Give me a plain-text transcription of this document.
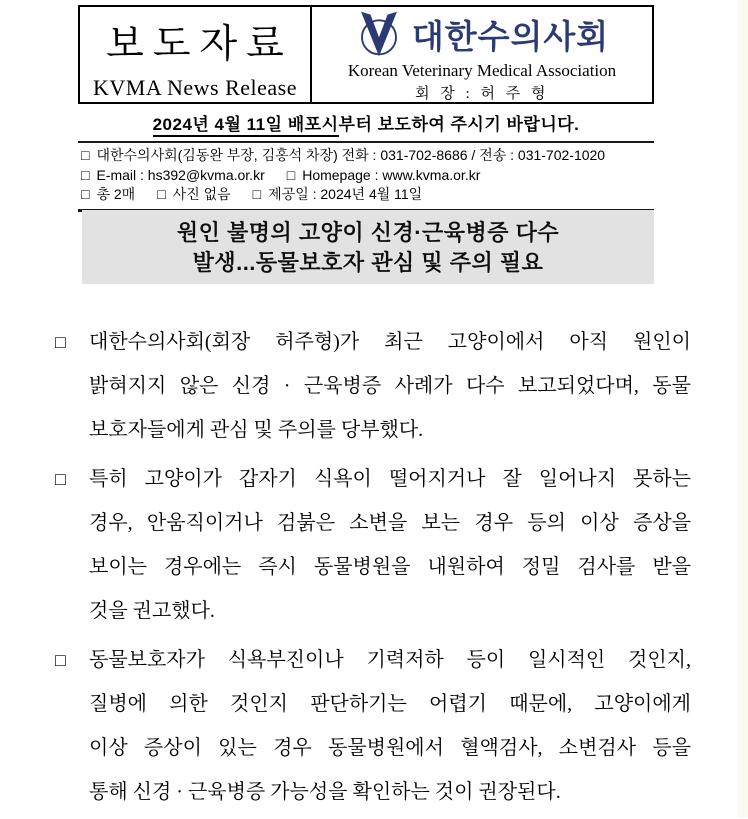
보도자료
KVMA News Release
대한수의사회
Korean Veterinary Medical Association
회 장 : 허 주 형
2024년 4월 11일 배포시부터 보도하여 주시기 바랍니다.
□ 대한수의사회(김동완 부장, 김홍석 차장) 전화 : 031-702-8686 / 전송 : 031-702-1020
□ E-mail : hs392@kvma.or.kr □ Homepage : www.kvma.or.kr
□ 총 2매 □ 사진 없음 □ 제공일 : 2024년 4월 11일
원인 불명의 고양이 신경·근육병증 다수
발생...동물보호자 관심 및 주의 필요
□	대한수의사회(회장 허주형)가 최근 고양이에서 아직 원인이
밝혀지지 않은 신경 · 근육병증 사례가 다수 보고되었다며, 동물
보호자들에게 관심 및 주의를 당부했다.
□	특히 고양이가 갑자기 식욕이 떨어지거나 잘 일어나지 못하는
경우, 안움직이거나 검붉은 소변을 보는 경우 등의 이상 증상을
보이는 경우에는 즉시 동물병원을 내원하여 정밀 검사를 받을
것을 권고했다.
□	동물보호자가 식욕부진이나 기력저하 등이 일시적인 것인지,
질병에 의한 것인지 판단하기는 어렵기 때문에, 고양이에게
이상 증상이 있는 경우 동물병원에서 혈액검사, 소변검사 등을
통해 신경 · 근육병증 가능성을 확인하는 것이 권장된다.
